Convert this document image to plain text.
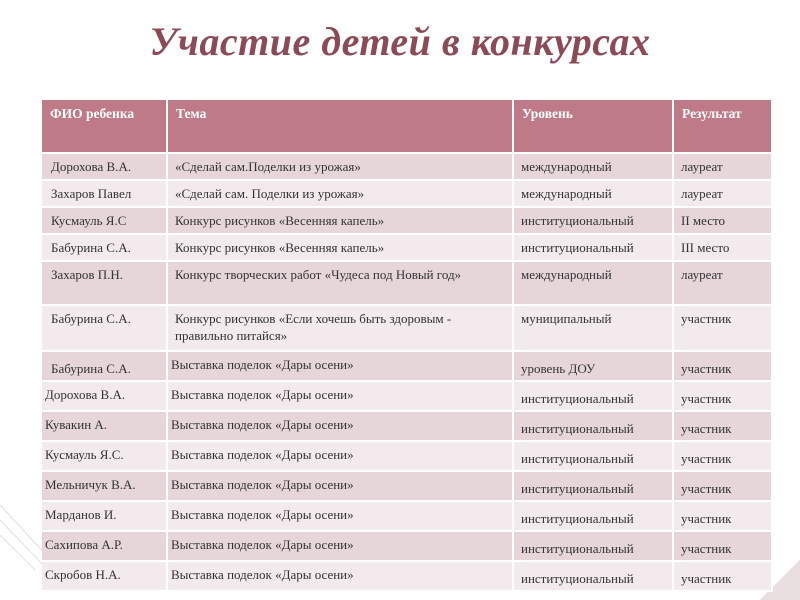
Участие детей в конкурсах
ФИО ребенка	Тема	Уровень	Результат
Дорохова В.А.	«Сделай сам.Поделки из урожая»	международный	лауреат
Захаров Павел	«Сделай сам. Поделки из урожая»	международный	лауреат
Кусмауль Я.С	Конкурс рисунков «Весенняя капель»	институциональный	II место
Бабурина С.А.	Конкурс рисунков «Весенняя капель»	институциональный	III место
Захаров П.Н.	Конкурс творческих работ «Чудеса под Новый год»	международный	лауреат
Бабурина С.А.	Конкурс рисунков «Если хочешь быть здоровым - правильно питайся»	муниципальный	участник
Бабурина С.А.	Выставка поделок «Дары осени»	уровень ДОУ	участник
Дорохова В.А.	Выставка поделок «Дары осени»	институциональный	участник
Кувакин А.	Выставка поделок «Дары осени»	институциональный	участник
Кусмауль Я.С.	Выставка поделок «Дары осени»	институциональный	участник
Мельничук В.А.	Выставка поделок «Дары осени»	институциональный	участник
Марданов И.	Выставка поделок «Дары осени»	институциональный	участник
Сахипова А.Р.	Выставка поделок «Дары осени»	институциональный	участник
Скробов Н.А.	Выставка поделок «Дары осени»	институциональный	участник
